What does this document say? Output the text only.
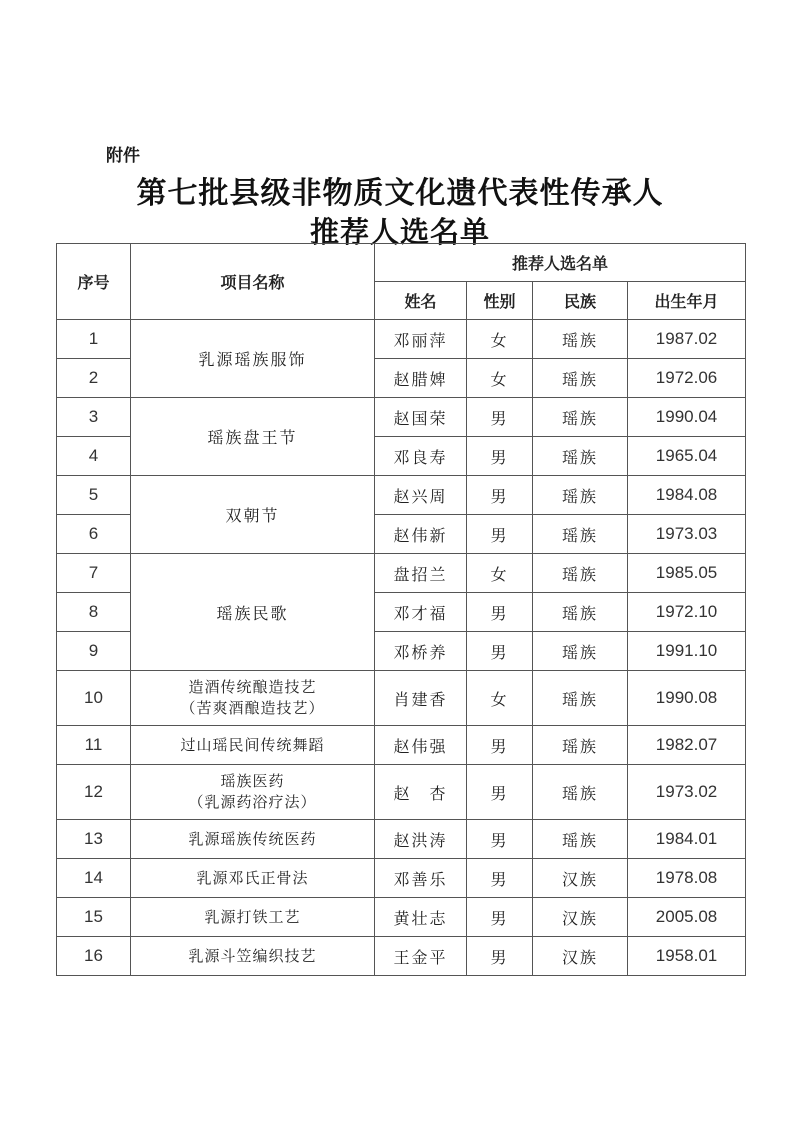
附件
第七批县级非物质文化遗代表性传承人
推荐人选名单
序号	项目名称	推荐人选名单			
		姓名	性别	民族	出生年月
1	乳源瑶族服饰	邓丽萍	女	瑶族	1987.02
2		赵腊婢	女	瑶族	1972.06
3	瑶族盘王节	赵国荣	男	瑶族	1990.04
4		邓良寿	男	瑶族	1965.04
5	双朝节	赵兴周	男	瑶族	1984.08
6		赵伟新	男	瑶族	1973.03
7	瑶族民歌	盘招兰	女	瑶族	1985.05
8		邓才福	男	瑶族	1972.10
9		邓桥养	男	瑶族	1991.10
10	造酒传统酿造技艺
（苦爽酒酿造技艺）	肖建香	女	瑶族	1990.08
11	过山瑶民间传统舞蹈	赵伟强	男	瑶族	1982.07
12	瑶族医药
（乳源药浴疗法）	赵　杏	男	瑶族	1973.02
13	乳源瑶族传统医药	赵洪涛	男	瑶族	1984.01
14	乳源邓氏正骨法	邓善乐	男	汉族	1978.08
15	乳源打铁工艺	黄壮志	男	汉族	2005.08
16	乳源斗笠编织技艺	王金平	男	汉族	1958.01
